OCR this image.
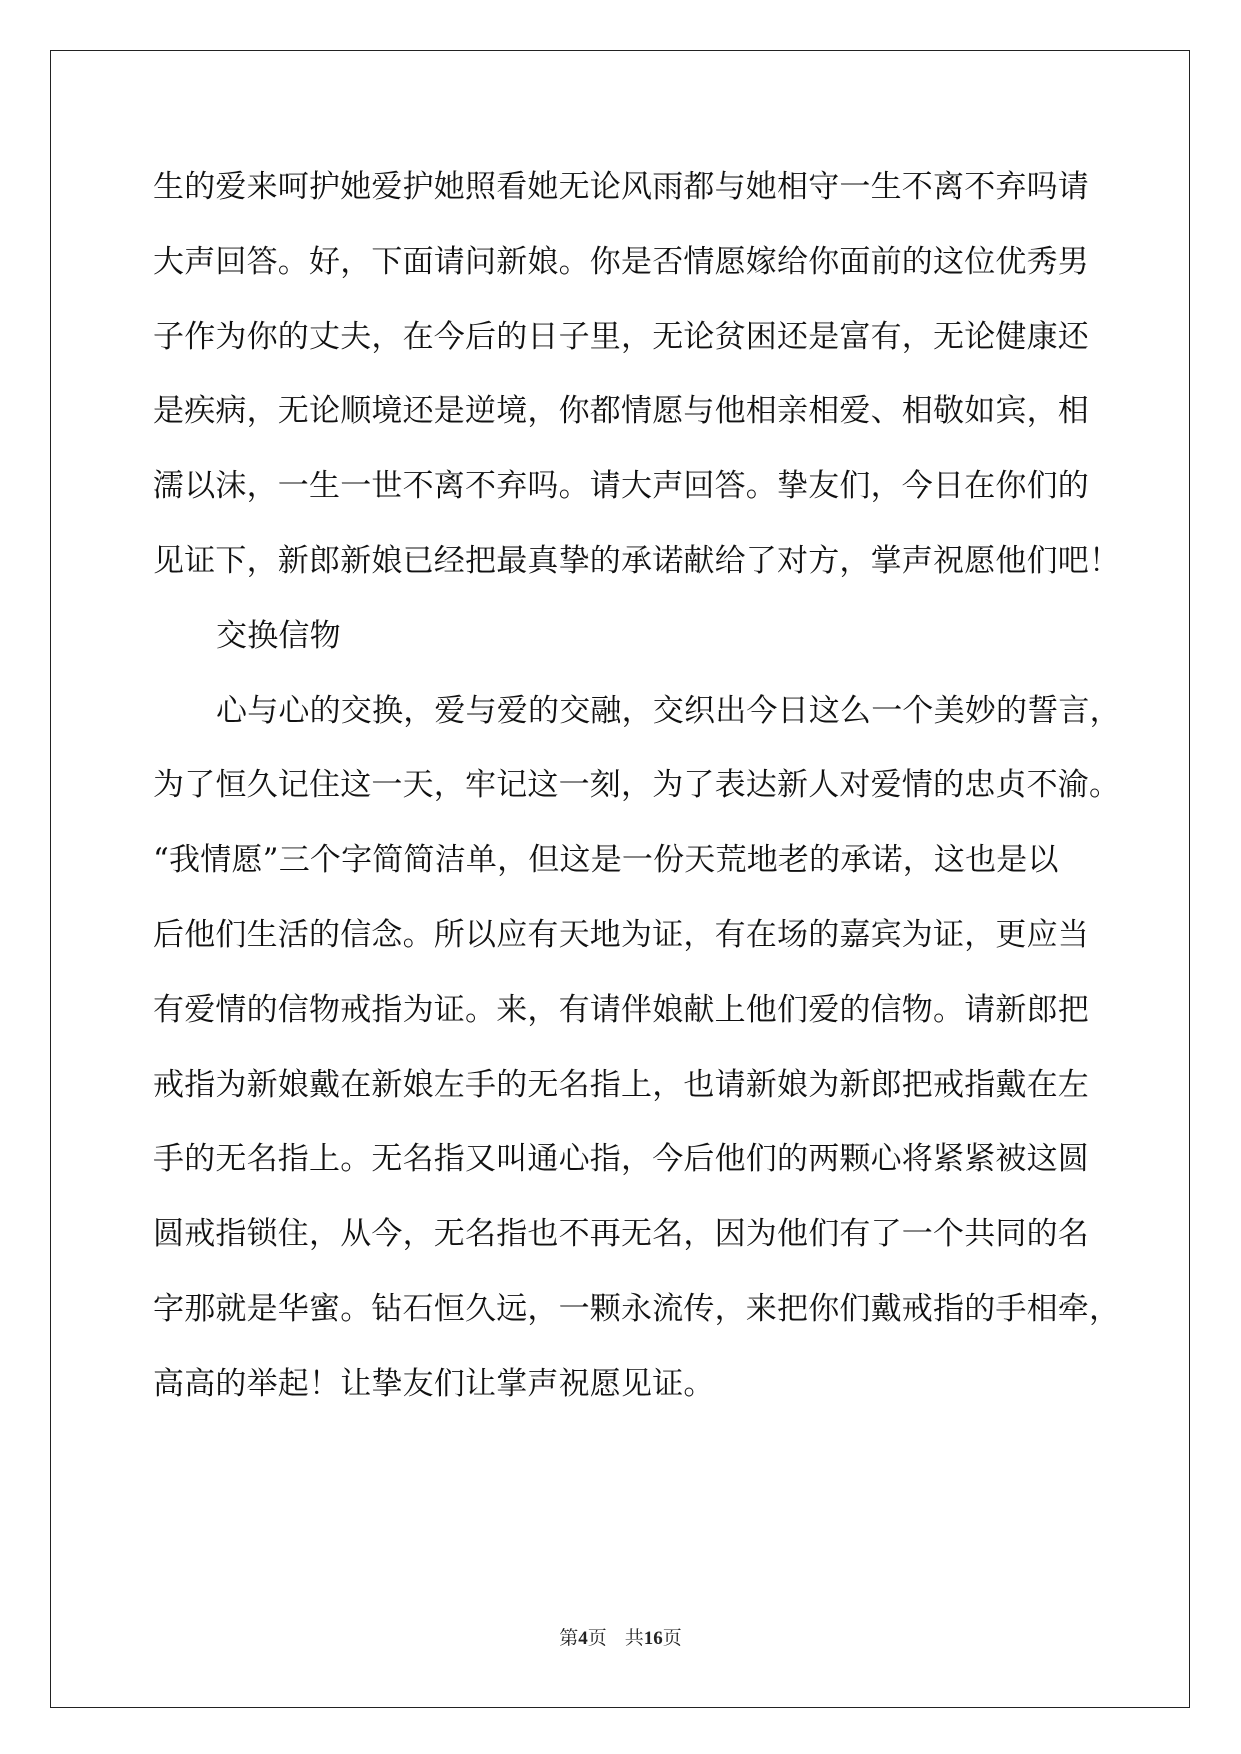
生的爱来呵护她爱护她照看她无论风雨都与她相守一生不离不弃吗请
大声回答。好，下面请问新娘。你是否情愿嫁给你面前的这位优秀男
子作为你的丈夫，在今后的日子里，无论贫困还是富有，无论健康还
是疾病，无论顺境还是逆境，你都情愿与他相亲相爱、相敬如宾，相
濡以沫，一生一世不离不弃吗。请大声回答。挚友们，今日在你们的
见证下，新郎新娘已经把最真挚的承诺献给了对方，掌声祝愿他们吧！
交换信物
心与心的交换，爱与爱的交融，交织出今日这么一个美妙的誓言，
为了恒久记住这一天，牢记这一刻，为了表达新人对爱情的忠贞不渝。
“我情愿”三个字简简洁单，但这是一份天荒地老的承诺，这也是以
后他们生活的信念。所以应有天地为证，有在场的嘉宾为证，更应当
有爱情的信物戒指为证。来，有请伴娘献上他们爱的信物。请新郎把
戒指为新娘戴在新娘左手的无名指上，也请新娘为新郎把戒指戴在左
手的无名指上。无名指又叫通心指，今后他们的两颗心将紧紧被这圆
圆戒指锁住，从今，无名指也不再无名，因为他们有了一个共同的名
字那就是华蜜。钻石恒久远，一颗永流传，来把你们戴戒指的手相牵，
高高的举起！让挚友们让掌声祝愿见证。
第4页 共16页
